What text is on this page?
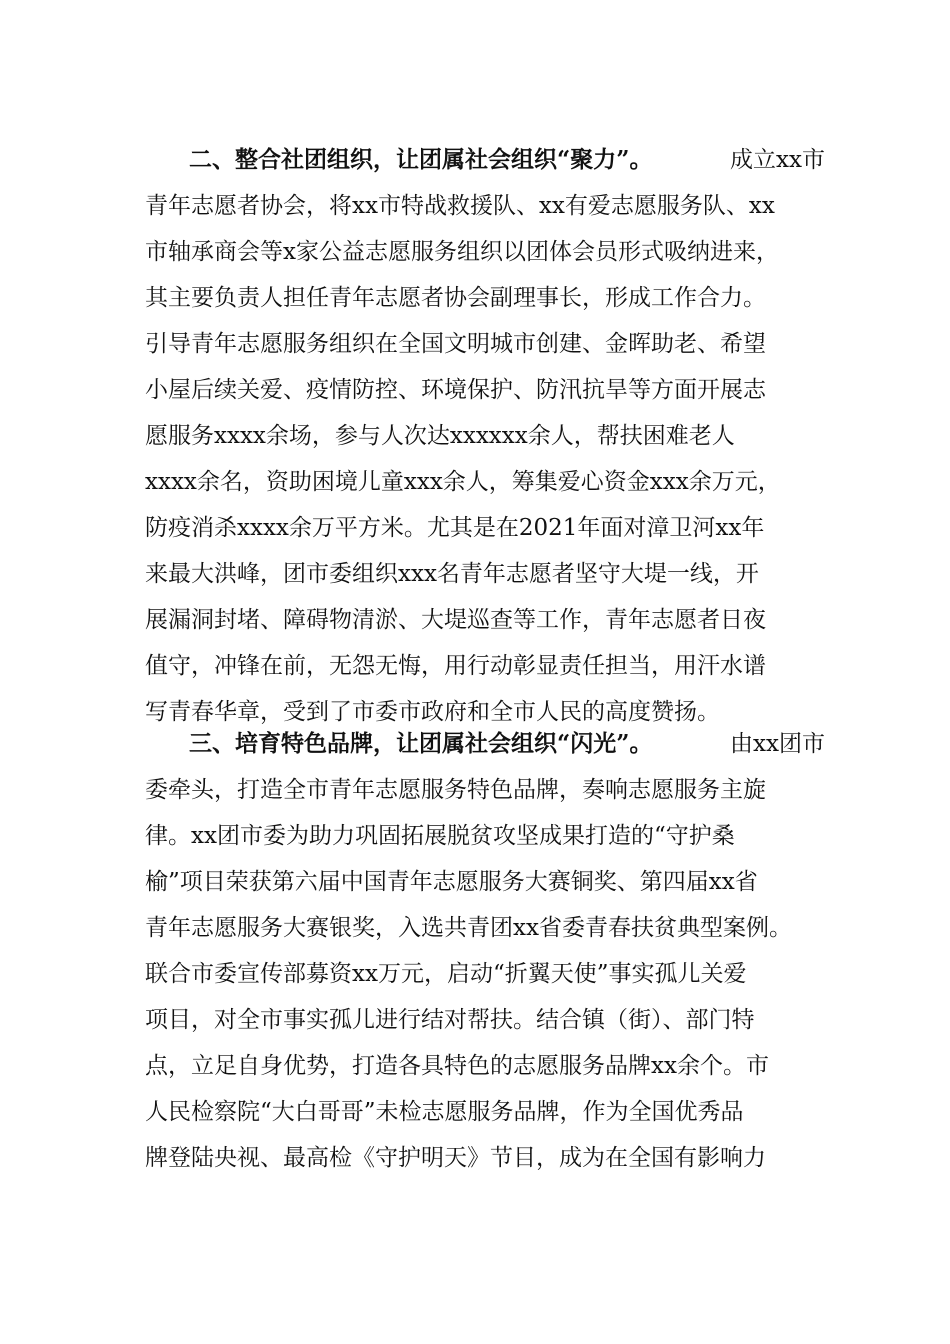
二、整合社团组织，让团属社会组织“聚力”。	成立xx市
青年志愿者协会，将xx市特战救援队、xx有爱志愿服务队、xx
市轴承商会等x家公益志愿服务组织以团体会员形式吸纳进来，
其主要负责人担任青年志愿者协会副理事长，形成工作合力。
引导青年志愿服务组织在全国文明城市创建、金晖助老、希望
小屋后续关爱、疫情防控、环境保护、防汛抗旱等方面开展志
愿服务xxxx余场，参与人次达xxxxxx余人，帮扶困难老人
xxxx余名，资助困境儿童xxx余人，筹集爱心资金xxx余万元，
防疫消杀xxxx余万平方米。尤其是在2021年面对漳卫河xx年
来最大洪峰，团市委组织xxx名青年志愿者坚守大堤一线，开
展漏洞封堵、障碍物清淤、大堤巡查等工作，青年志愿者日夜
值守，冲锋在前，无怨无悔，用行动彰显责任担当，用汗水谱
写青春华章，受到了市委市政府和全市人民的高度赞扬。
三、培育特色品牌，让团属社会组织“闪光”。	由xx团市
委牵头，打造全市青年志愿服务特色品牌，奏响志愿服务主旋
律。xx团市委为助力巩固拓展脱贫攻坚成果打造的“守护桑
榆”项目荣获第六届中国青年志愿服务大赛铜奖、第四届xx省
青年志愿服务大赛银奖，入选共青团xx省委青春扶贫典型案例。
联合市委宣传部募资xx万元，启动“折翼天使”事实孤儿关爱
项目，对全市事实孤儿进行结对帮扶。结合镇（街）、部门特
点，立足自身优势，打造各具特色的志愿服务品牌xx余个。市
人民检察院“大白哥哥”未检志愿服务品牌，作为全国优秀品
牌登陆央视、最高检《守护明天》节目，成为在全国有影响力
